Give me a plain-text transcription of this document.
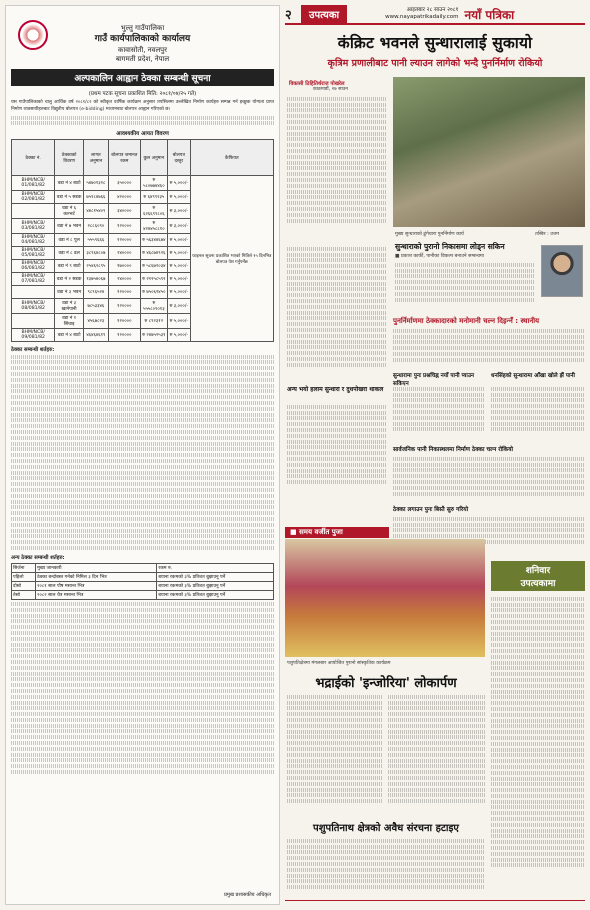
भुल्तु गाउँपालिका
गाउँ कार्यपालिकाको कार्यालय
कावासोती, नवलपुर
बागमती प्रदेश, नेपाल
अल्पकालिन आह्वान ठेक्का सम्बन्धी सूचना
(प्रथम पटक सूचना प्रकाशित मिति: २०८१/०४/२५ गते)
यस गाउँपालिकाको चालु आर्थिक वर्ष २०८१/८२ को स्वीकृत वार्षिक कार्यक्रम अनुसार तपसिलमा उल्लेखित निर्माण कार्यहरु सम्पन्न गर्न इच्छुक योग्यता प्राप्त निर्माण व्यवसायीहरुबाट विद्युतीय बोलपत्र (e-bidding) माध्यमबाट बोलपत्र आह्वान गरिएको छ।
आवश्यकीय आयत विवरण
ठेक्का नं.	ठेक्काको विवरण	लागत अनुमान	बोलपत्र जमानत रकम	कुल अनुमान	बोलपत्र दस्तुर	कैफियत
BHM/NCB/ 01/081/82	वडा नं ४ बाटो	५४७०१३२८	३५००००	रु ५८०७७४४६०	रु ५,०००/-	फाइनल सूचना प्रकाशित भएको मितिले १५ दिनभित्र बोलपत्र पेश गर्नुपर्नेछ
BHM/NCB/ 02/081/82	वडा नं ५ सडक	७५१८४७६६	४२००००	रु ६४९९२३५	रु ५,०००/-	
	वडा नं ६ कल्भर्ट	४४८१५४०९	३४००००	रु ६२६६९९८०६	रु ३,०००/-	
BHM/NCB/ 03/081/82	वडा नं ७ भवन	२८८६०९०	१२००००	रु ४२४४५८८१०	रु ३,०००/-	
BHM/NCB/ 04/081/82	वडा नं ८ पुल	५५५९६६६	१२००००	रु ५६३४४६७४	रु ५,०००/-	
BHM/NCB/ 05/081/82	वडा नं ८ ढल	३८९६४८०७	२४००००	रु ४६८७४९२६	रु ५,०००/-	
BHM/NCB/ 06/081/82	वडा नं ९ बाटो	२५४६२८९५	१७००००	रु ५८६७२०३४	रु ५,०००/-	
BHM/NCB/ 07/081/82	वडा नं २ सडक	१३७५४०६७	२४००००	रु २१२५८५९२	रु ५,०००/-	
	वडा नं ३ भवन	९८९६५२४	१२००००	रु ७५०६२४५०	रु ५,०००/-	
BHM/NCB/ 08/081/82	वडा नं ३ खानेपानी	७८५३३४६	१२००००	रु ५५५८०९०१३	रु ३,०००/-	
	वडा नं १ सिंचाइ	४५६७८२३	१२००००	रु ८९२३१२	रु ५,०००/-	
BHM/NCB/ 09/081/82	वडा नं ४ बाटो	४६४६४६१९	१२००००	रु २४७५२५३१	रु ५,०००/-	
ठेक्का सम्बन्धी शर्तहरु:
अन्य ठेक्का सम्बन्धी शर्तहरु:
सिर्जना	मुख्य जानकारी	रकम रु.
पहिलो	ठेक्का बन्दोबस्त गर्नको निमित्त ३ दिन भित्र	बयाना रकमको ३% प्रतिशत बुझाउनु पर्ने
दोस्रो	२०८१ साल पौष मसान्त भित्र	बयाना रकमको ३% प्रतिशत बुझाउनु पर्ने
तेस्रो	२०८२ साल चैत्र मसान्त भित्र	बयाना रकमको ३% प्रतिशत बुझाउनु पर्ने
प्रमुख प्रशासकीय अधिकृत
२	उपत्यका
आइतबार २८ साउन २०८१
www.nayapatrikadaily.com नयाँ पत्रिका
कंक्रिट भवनले सुन्धारालाई सुकायो
कृत्रिम प्रणालीबाट पानी ल्याउन लागेको भन्दै पुनर्निर्माण रोकियो
विकासी ठिहितिर्थराज पोखरेल
काठमाडौं, २७ साउन
मुख्य सुन्धाराको ढुंगेधारा पुनर्निर्माण कार्य	तस्बिर : उत्तम
सुन्धाराको पुरानो निकासमा लोड्न सकिन
■ प्रकाश कार्की, पानीका विकल्प बनाउने सम्बन्धमा
पुनर्निर्माणमा ठेक्कादारको मनोमानी चल्न दिइन्‍नँ : स्थानीय
सुन्धारामा पुनः प्रश्नचिह्न नयाँ पानी प्याउन सकिएन
धनसिंहको सुन्धारामा आँखा खोले झैं पानी
सार्वजनिक पानी निकास्थलमा निर्माण ठेक्का चल्न रोकियो
ठेक्का लगाउन पुनः बिस्तै सुरु गरियो
अन्य भयो हलाम सुन्धारा र दुधपोखरा थाकल
■ समय वर्जीत पुजा
पशुपतिक्षेत्रमा मंगलबार आयोजित पुरानो सांस्कृतिक कार्यक्रम
भद्राईको 'इन्जोरिया' लोकार्पण
पशुपतिनाथ क्षेत्रको अवैध संरचना हटाइए
शनिवार
उपत्यकामा
